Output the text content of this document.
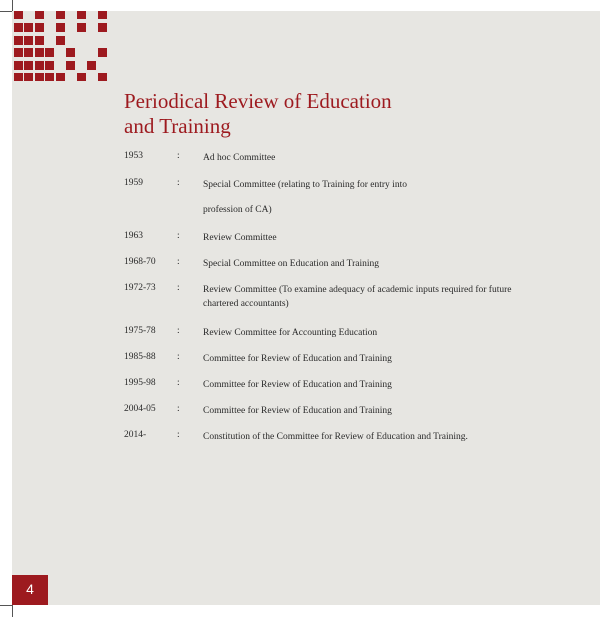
Periodical Review of Education
and Training
1953	: Ad hoc Committee
1959	: Special Committee (relating to Training for entry into
profession of CA)
1963	: Review Committee
1968-70 : Special Committee on Education and Training
1972-73 : Review Committee (To examine adequacy of academic inputs required for future chartered accountants)
1975-78 : Review Committee for Accounting Education
1985-88 : Committee for Review of Education and Training
1995-98 : Committee for Review of Education and Training
2004-05 : Committee for Review of Education and Training
2014-	: Constitution of the Committee for Review of Education and Training.
4
